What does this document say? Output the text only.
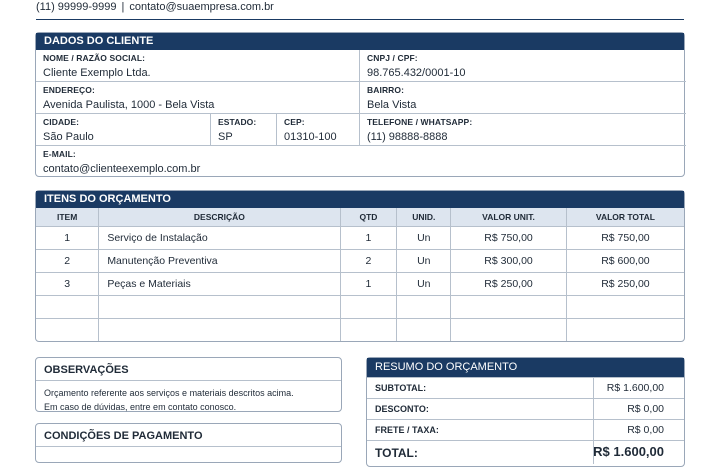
(11) 99999-9999 | contato@suaempresa.com.br
DADOS DO CLIENTE
NOME / RAZÃO SOCIAL:
Cliente Exemplo Ltda.
CNPJ / CPF:
98.765.432/0001-10
ENDEREÇO:
Avenida Paulista, 1000 - Bela Vista
BAIRRO:
Bela Vista
CIDADE:
São Paulo
ESTADO:
SP
CEP:
01310-100
TELEFONE / WHATSAPP:
(11) 98888-8888
E-MAIL:
contato@clienteexemplo.com.br
ITENS DO ORÇAMENTO
ITEM	DESCRIÇÃO	QTD	UNID.	VALOR UNIT.	VALOR TOTAL
1	Serviço de Instalação	1	Un	R$ 750,00	R$ 750,00
2	Manutenção Preventiva	2	Un	R$ 300,00	R$ 600,00
3	Peças e Materiais	1	Un	R$ 250,00	R$ 250,00

OBSERVAÇÕES
Orçamento referente aos serviços e materiais descritos acima.
Em caso de dúvidas, entre em contato conosco.
CONDIÇÕES DE PAGAMENTO
RESUMO DO ORÇAMENTO
SUBTOTAL:	R$ 1.600,00
DESCONTO:	R$ 0,00
FRETE / TAXA:	R$ 0,00
TOTAL:	R$ 1.600,00
